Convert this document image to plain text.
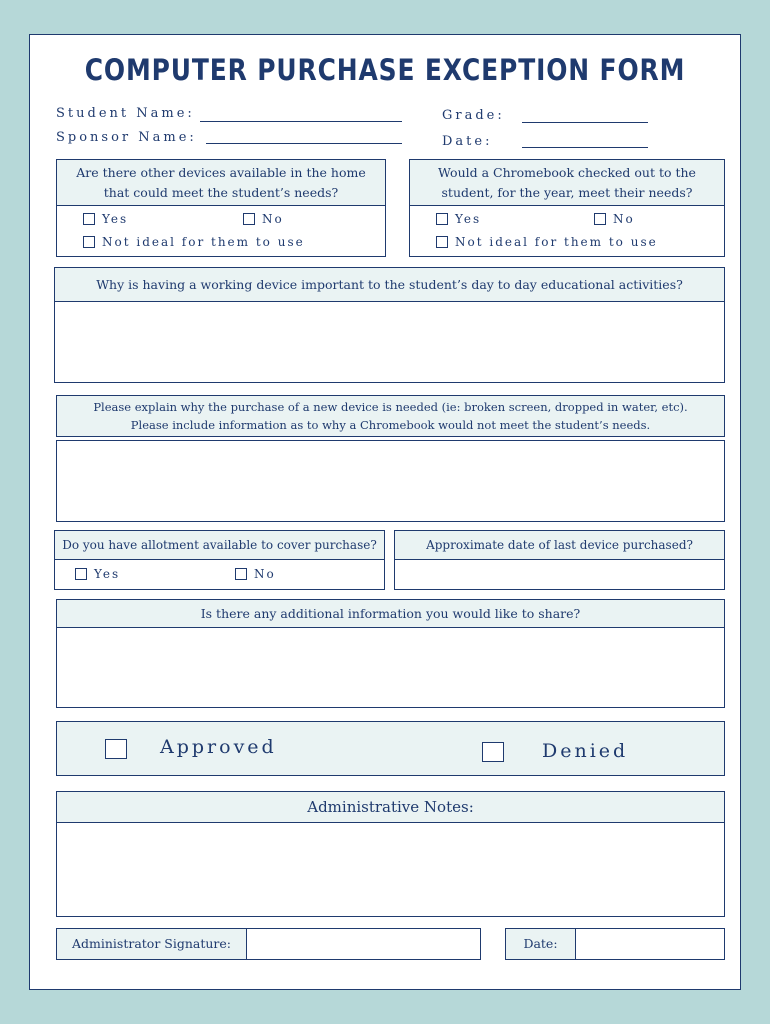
COMPUTER PURCHASE EXCEPTION FORM
Student Name:
Sponsor Name:
Grade:
Date:
Are there other devices available in the home that could meet the student’s needs?
Yes	No
Not ideal for them to use
Would a Chromebook checked out to the student, for the year, meet their needs?
Yes	No
Not ideal for them to use
Why is having a working device important to the student’s day to day educational activities?
Please explain why the purchase of a new device is needed (ie: broken screen, dropped in water, etc).
Please include information as to why a Chromebook would not meet the student’s needs.
Do you have allotment available to cover purchase?
Yes	No
Approximate date of last device purchased?
Is there any additional information you would like to share?
Approved	Denied
Administrative Notes:
Administrator Signature:	Date:
